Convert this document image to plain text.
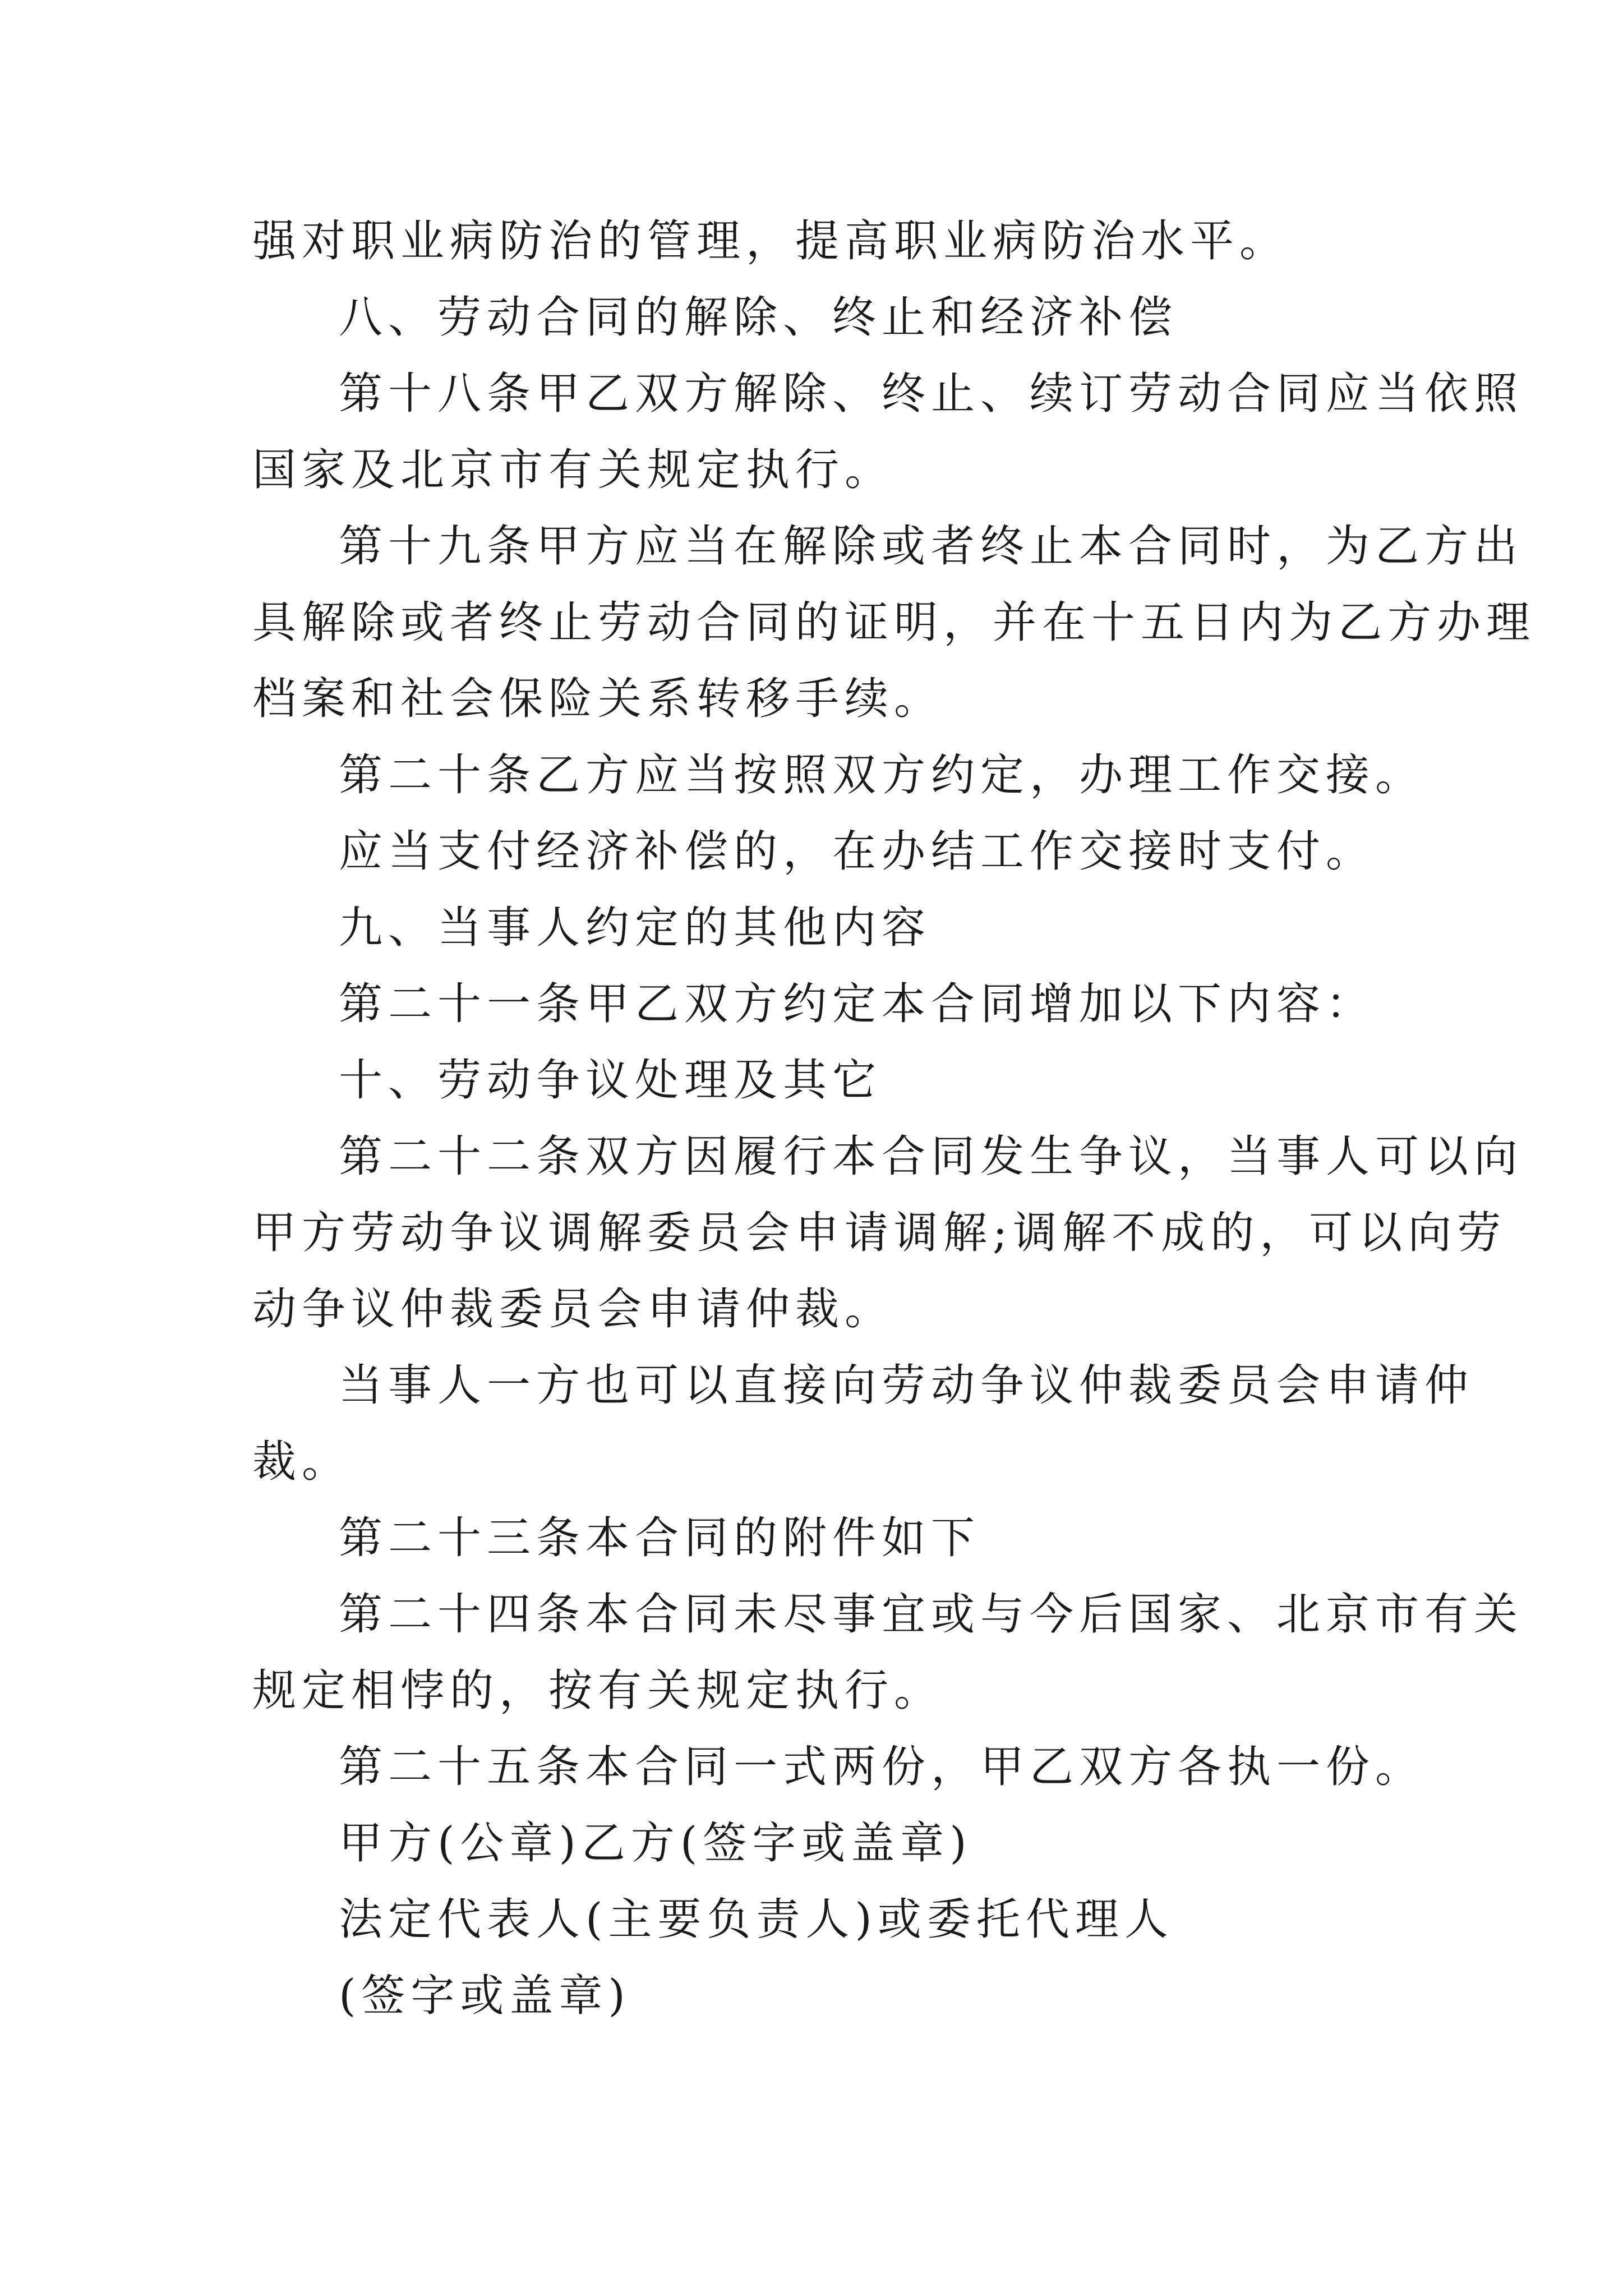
强对职业病防治的管理，提高职业病防治水平。
八、劳动合同的解除、终止和经济补偿
第十八条甲乙双方解除、终止、续订劳动合同应当依照
国家及北京市有关规定执行。
第十九条甲方应当在解除或者终止本合同时，为乙方出
具解除或者终止劳动合同的证明，并在十五日内为乙方办理
档案和社会保险关系转移手续。
第二十条乙方应当按照双方约定，办理工作交接。
应当支付经济补偿的，在办结工作交接时支付。
九、当事人约定的其他内容
第二十一条甲乙双方约定本合同增加以下内容：
十、劳动争议处理及其它
第二十二条双方因履行本合同发生争议，当事人可以向
甲方劳动争议调解委员会申请调解;调解不成的，可以向劳
动争议仲裁委员会申请仲裁。
当事人一方也可以直接向劳动争议仲裁委员会申请仲
裁。
第二十三条本合同的附件如下
第二十四条本合同未尽事宜或与今后国家、北京市有关
规定相悖的，按有关规定执行。
第二十五条本合同一式两份，甲乙双方各执一份。
甲方(公章)乙方(签字或盖章)
法定代表人(主要负责人)或委托代理人
(签字或盖章)
